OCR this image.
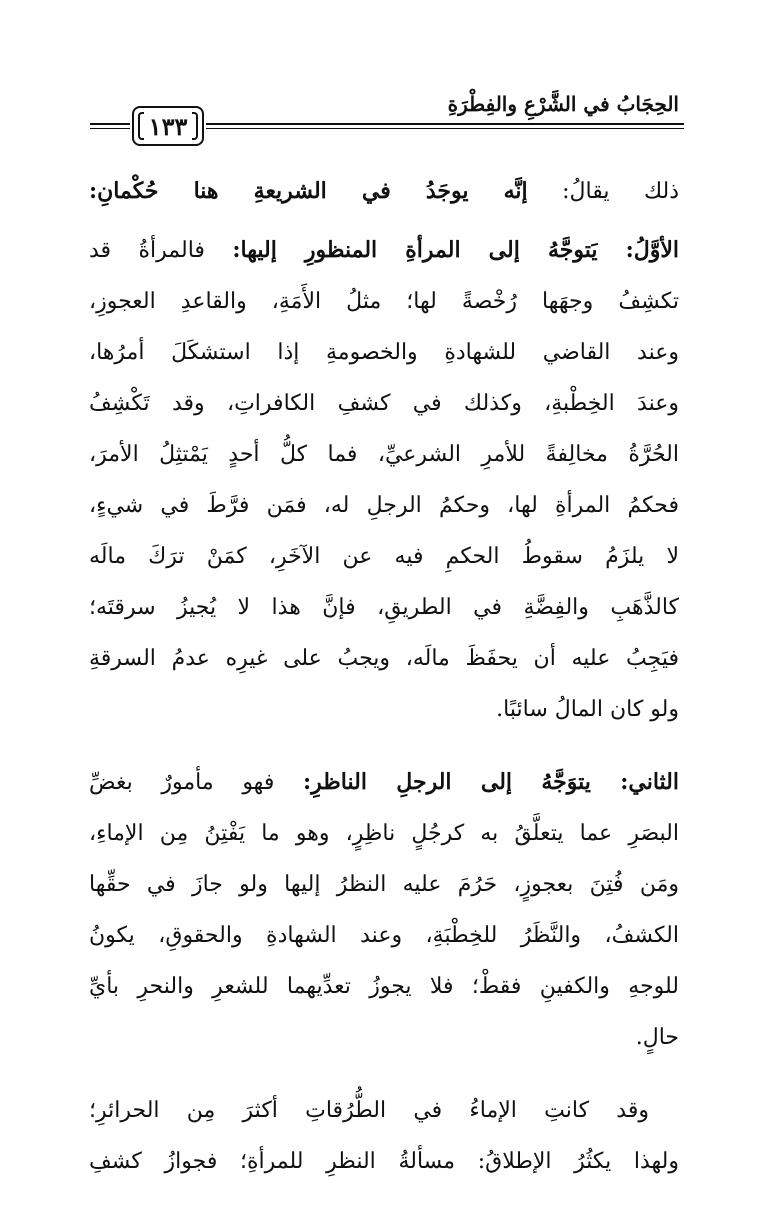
الحِجَابُ في الشَّرْعِ والفِطْرَةِ
١٣٣
ذلك يقالُ: إنَّه يوجَدُ في الشريعةِ هنا حُكْمانِ:
الأوَّلُ: يَتوجَّهُ إلى المرأةِ المنظورِ إليها: فالمرأةُ قد
تكشِفُ وجهَها رُخْصةً لها؛ مثلُ الأَمَةِ، والقاعدِ العجوزِ،
وعند القاضي للشهادةِ والخصومةِ إذا استشكَلَ أمرُها،
وعندَ الخِطْبةِ، وكذلك في كشفِ الكافراتِ، وقد تَكْشِفُ
الحُرَّةُ مخالِفةً للأمرِ الشرعيِّ، فما كلُّ أحدٍ يَمْتثِلُ الأمرَ،
فحكمُ المرأةِ لها، وحكمُ الرجلِ له، فمَن فرَّطَ في شيءٍ،
لا يلزَمُ سقوطُ الحكمِ فيه عن الآخَرِ، كمَنْ ترَكَ مالَه
كالذَّهَبِ والفِضَّةِ في الطريقِ، فإنَّ هذا لا يُجيزُ سرقتَه؛
فيَجِبُ عليه أن يحفَظَ مالَه، ويجبُ على غيرِه عدمُ السرقةِ
ولو كان المالُ سائبًا.
الثاني: يتوَجَّهُ إلى الرجلِ الناظرِ: فهو مأمورٌ بغضِّ
البصَرِ عما يتعلَّقُ به كرجُلٍ ناظِرٍ، وهو ما يَفْتِنُ مِن الإماءِ،
ومَن فُتِنَ بعجوزٍ، حَرُمَ عليه النظرُ إليها ولو جازَ في حقِّها
الكشفُ، والنَّظَرُ للخِطْبَةِ، وعند الشهادةِ والحقوقِ، يكونُ
للوجهِ والكفينِ فقطْ؛ فلا يجوزُ تعدِّيهما للشعرِ والنحرِ بأيِّ
حالٍ.
وقد كانتِ الإماءُ في الطُّرُقاتِ أكثرَ مِن الحرائرِ؛
ولهذا يكثُرُ الإطلاقُ: مسألةُ النظرِ للمرأةِ؛ فجوازُ كشفِ
